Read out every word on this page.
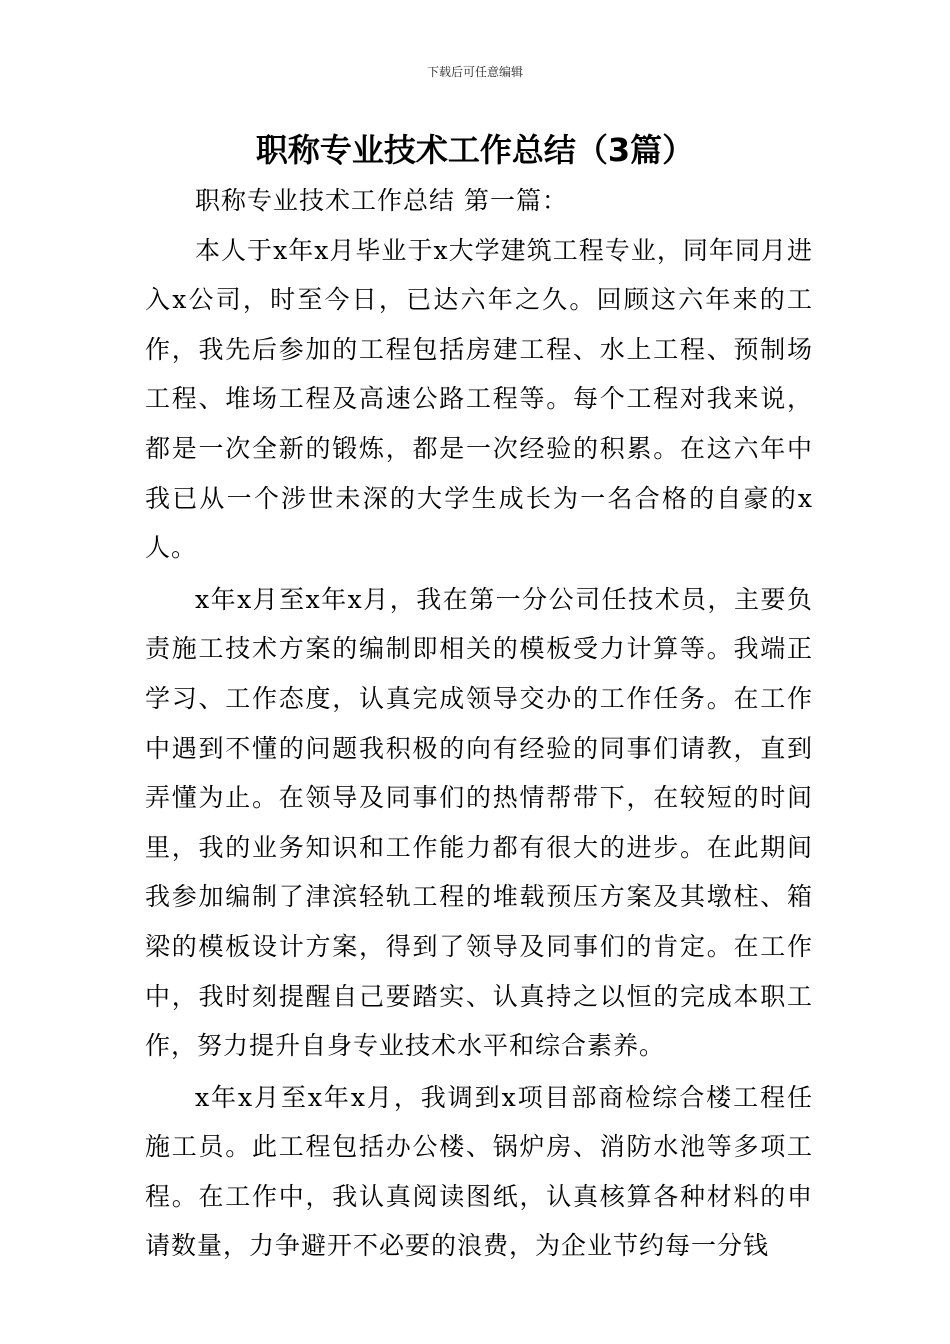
下载后可任意编辑
职称专业技术工作总结（3篇）

职称专业技术工作总结 第一篇：

本人于x年x月毕业于x大学建筑工程专业，同年同月进入x公司，时至今日，已达六年之久。回顾这六年来的工作，我先后参加的工程包括房建工程、水上工程、预制场工程、堆场工程及高速公路工程等。每个工程对我来说，都是一次全新的锻炼，都是一次经验的积累。在这六年中我已从一个涉世未深的大学生成长为一名合格的自豪的x人。

x年x月至x年x月，我在第一分公司任技术员，主要负责施工技术方案的编制即相关的模板受力计算等。我端正学习、工作态度，认真完成领导交办的工作任务。在工作中遇到不懂的问题我积极的向有经验的同事们请教，直到弄懂为止。在领导及同事们的热情帮带下，在较短的时间里，我的业务知识和工作能力都有很大的进步。在此期间我参加编制了津滨轻轨工程的堆载预压方案及其墩柱、箱梁的模板设计方案，得到了领导及同事们的肯定。在工作中，我时刻提醒自己要踏实、认真持之以恒的完成本职工作，努力提升自身专业技术水平和综合素养。

x年x月至x年x月，我调到x项目部商检综合楼工程任施工员。此工程包括办公楼、锅炉房、消防水池等多项工程。在工作中，我认真阅读图纸，认真核算各种材料的申请数量，力争避开不必要的浪费，为企业节约每一分钱
